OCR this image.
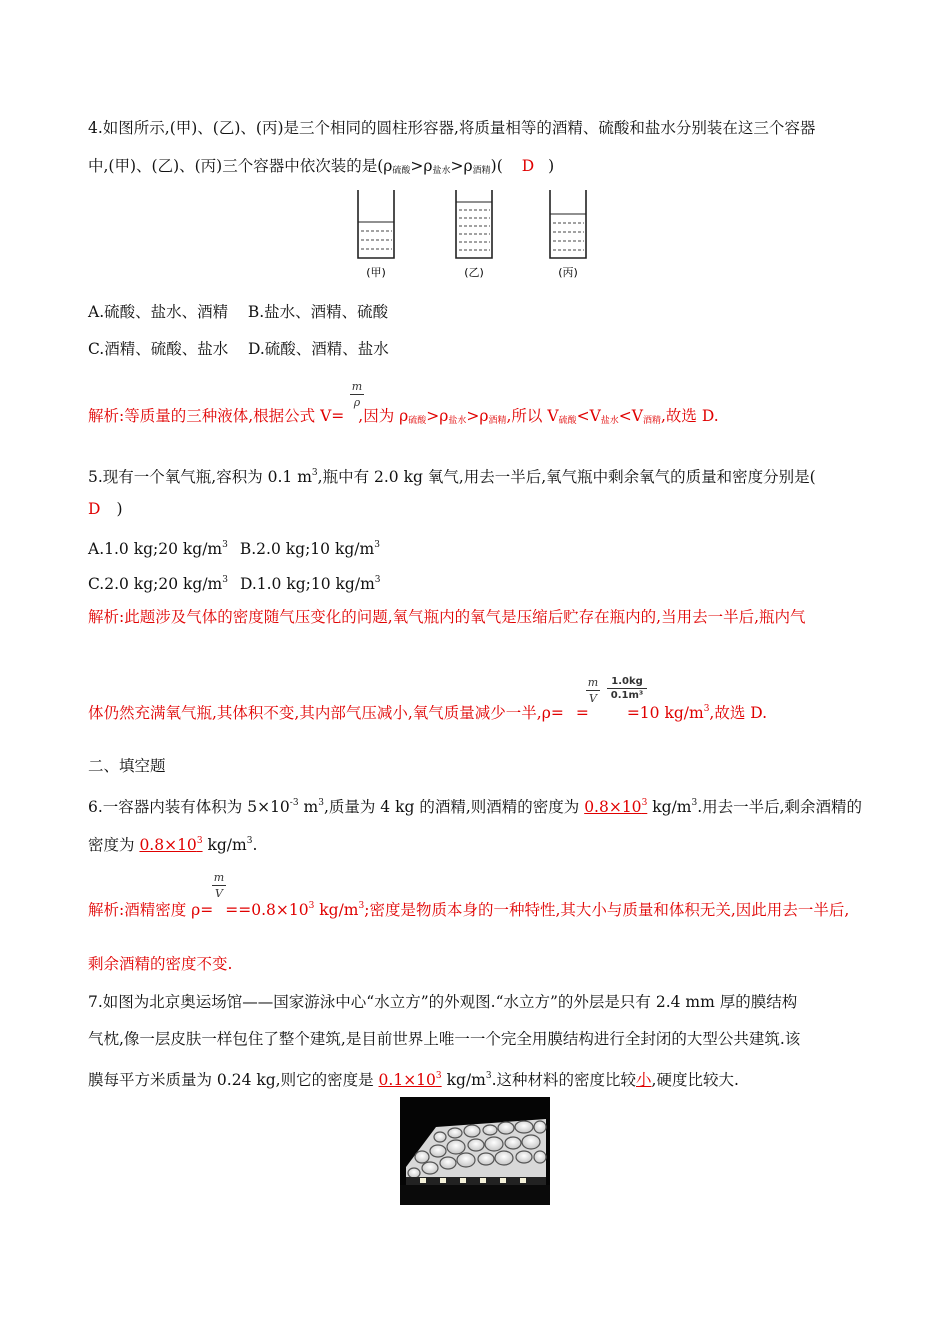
4.如图所示,(甲)、(乙)、(丙)是三个相同的圆柱形容器,将质量相等的酒精、硫酸和盐水分别装在这三个容器
中,(甲)、(乙)、(丙)三个容器中依次装的是$(\rho_{硫酸}>\rho_{盐水}>\rho_{酒精})$( D )
(甲)	(乙)	(丙)
A.硫酸、盐水、酒精    B.盐水、酒精、硫酸
C.酒精、硫酸、盐水    D.硫酸、酒精、盐水
m
ρ
解析:等质量的三种液体,根据公式 V= ,因为 $\rho_{硫酸}>\rho_{盐水}>\rho_{酒精}$,所以 $V_{硫酸}<V_{盐水}<V_{酒精}$,故选 D.
5.现有一个氧气瓶,容积为 0.1 $m^3$,瓶中有 2.0 kg 氧气,用去一半后,氧气瓶中剩余氧气的质量和密度分别是(
D )
A.1.0 kg;20 $kg/m^3$ B.2.0 kg;10 $kg/m^3$
C.2.0 kg;20 $kg/m^3$ D.1.0 kg;10 $kg/m^3$
解析:此题涉及气体的密度随气压变化的问题,氧气瓶内的氧气是压缩后贮存在瓶内的,当用去一半后,瓶内气
m
V
1.0kg
0.1m³
体仍然充满氧气瓶,其体积不变,其内部气压减小,氧气质量减少一半,ρ= = =10 $kg/m^3$,故选 D.
二、填空题
6.一容器内装有体积为 $5\times 10^{-3}$ $m^3$,质量为 4 kg 的酒精,则酒精的密度为 $0.8\times 10^3$ $kg/m^3$.用去一半后,剩余酒精的
密度为 $0.8\times 10^3$ $kg/m^3$.
m
V
解析:酒精密度 $\rho= ==0.8\times 10^3$ $kg/m^3$;密度是物质本身的一种特性,其大小与质量和体积无关,因此用去一半后,
剩余酒精的密度不变.
7.如图为北京奥运场馆——国家游泳中心“水立方”的外观图.“水立方”的外层是只有 2.4 mm 厚的膜结构
气枕,像一层皮肤一样包住了整个建筑,是目前世界上唯一一个完全用膜结构进行全封闭的大型公共建筑.该
膜每平方米质量为 0.24 kg,则它的密度是 $0.1\times 10^3$ $kg/m^3$.这种材料的密度比较小,硬度比较大.
